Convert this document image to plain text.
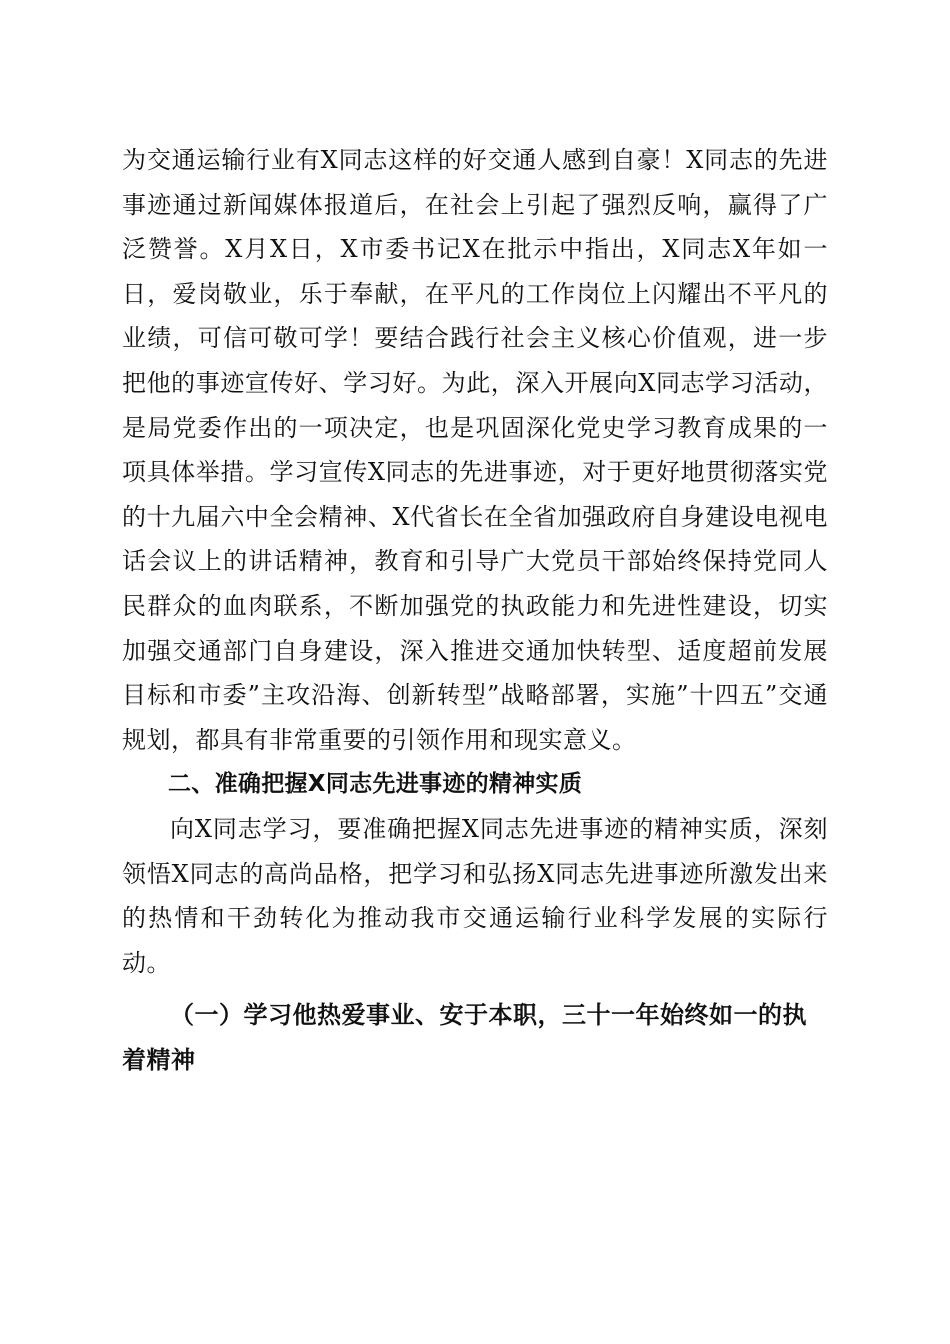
为交通运输行业有X同志这样的好交通人感到自豪！X同志的先进事迹通过新闻媒体报道后，在社会上引起了强烈反响，赢得了广泛赞誉。X月X日，X市委书记X在批示中指出，X同志X年如一日，爱岗敬业，乐于奉献，在平凡的工作岗位上闪耀出不平凡的业绩，可信可敬可学！要结合践行社会主义核心价值观，进一步把他的事迹宣传好、学习好。为此，深入开展向X同志学习活动，是局党委作出的一项决定，也是巩固深化党史学习教育成果的一项具体举措。学习宣传X同志的先进事迹，对于更好地贯彻落实党的十九届六中全会精神、X代省长在全省加强政府自身建设电视电话会议上的讲话精神，教育和引导广大党员干部始终保持党同人民群众的血肉联系，不断加强党的执政能力和先进性建设，切实加强交通部门自身建设，深入推进交通加快转型、适度超前发展目标和市委”主攻沿海、创新转型”战略部署，实施”十四五”交通规划，都具有非常重要的引领作用和现实意义。

二、准确把握X同志先进事迹的精神实质

向X同志学习，要准确把握X同志先进事迹的精神实质，深刻领悟X同志的高尚品格，把学习和弘扬X同志先进事迹所激发出来的热情和干劲转化为推动我市交通运输行业科学发展的实际行动。

（一）学习他热爱事业、安于本职，三十一年始终如一的执着精神
